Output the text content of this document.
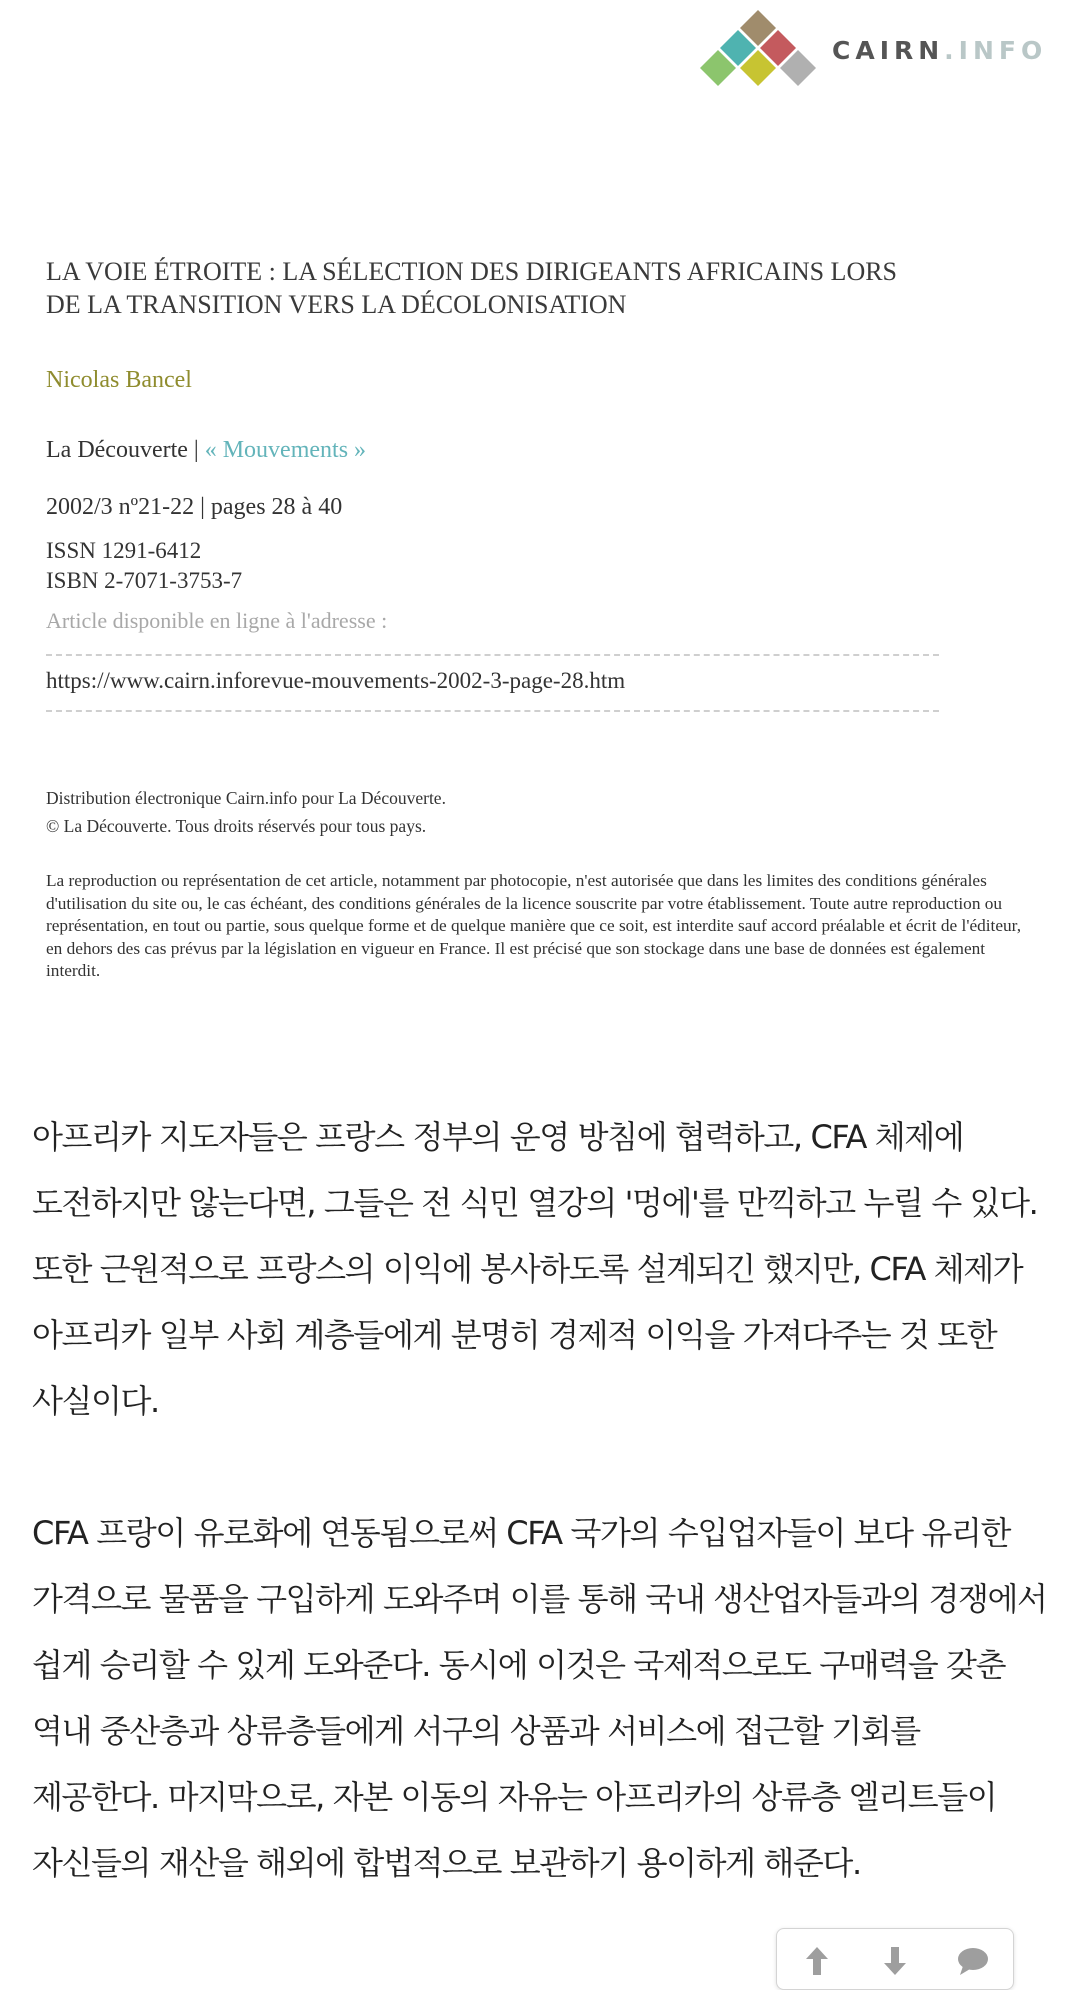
CAIRN.INFO
LA VOIE ÉTROITE : LA SÉLECTION DES DIRIGEANTS AFRICAINS LORS
DE LA TRANSITION VERS LA DÉCOLONISATION
Nicolas Bancel
La Découverte | « Mouvements »
2002/3 nº21-22 | pages 28 à 40
ISSN 1291-6412
ISBN 2-7071-3753-7
Article disponible en ligne à l'adresse :
https://www.cairn.inforevue-mouvements-2002-3-page-28.htm
Distribution électronique Cairn.info pour La Découverte.
© La Découverte. Tous droits réservés pour tous pays.
La reproduction ou représentation de cet article, notamment par photocopie, n'est autorisée que dans les limites des conditions générales d'utilisation du site ou, le cas échéant, des conditions générales de la licence souscrite par votre établissement. Toute autre reproduction ou représentation, en tout ou partie, sous quelque forme et de quelque manière que ce soit, est interdite sauf accord préalable et écrit de l'éditeur, en dehors des cas prévus par la législation en vigueur en France. Il est précisé que son stockage dans une base de données est également interdit.

아프리카 지도자들은 프랑스 정부의 운영 방침에 협력하고, CFA 체제에 도전하지만 않는다면, 그들은 전 식민 열강의 '멍에'를 만끽하고 누릴 수 있다. 또한 근원적으로 프랑스의 이익에 봉사하도록 설계되긴 했지만, CFA 체제가 아프리카 일부 사회 계층들에게 분명히 경제적 이익을 가져다주는 것 또한 사실이다.

CFA 프랑이 유로화에 연동됨으로써 CFA 국가의 수입업자들이 보다 유리한 가격으로 물품을 구입하게 도와주며 이를 통해 국내 생산업자들과의 경쟁에서 쉽게 승리할 수 있게 도와준다. 동시에 이것은 국제적으로도 구매력을 갖춘 역내 중산층과 상류층들에게 서구의 상품과 서비스에 접근할 기회를 제공한다. 마지막으로, 자본 이동의 자유는 아프리카의 상류층 엘리트들이 자신들의 재산을 해외에 합법적으로 보관하기 용이하게 해준다.
